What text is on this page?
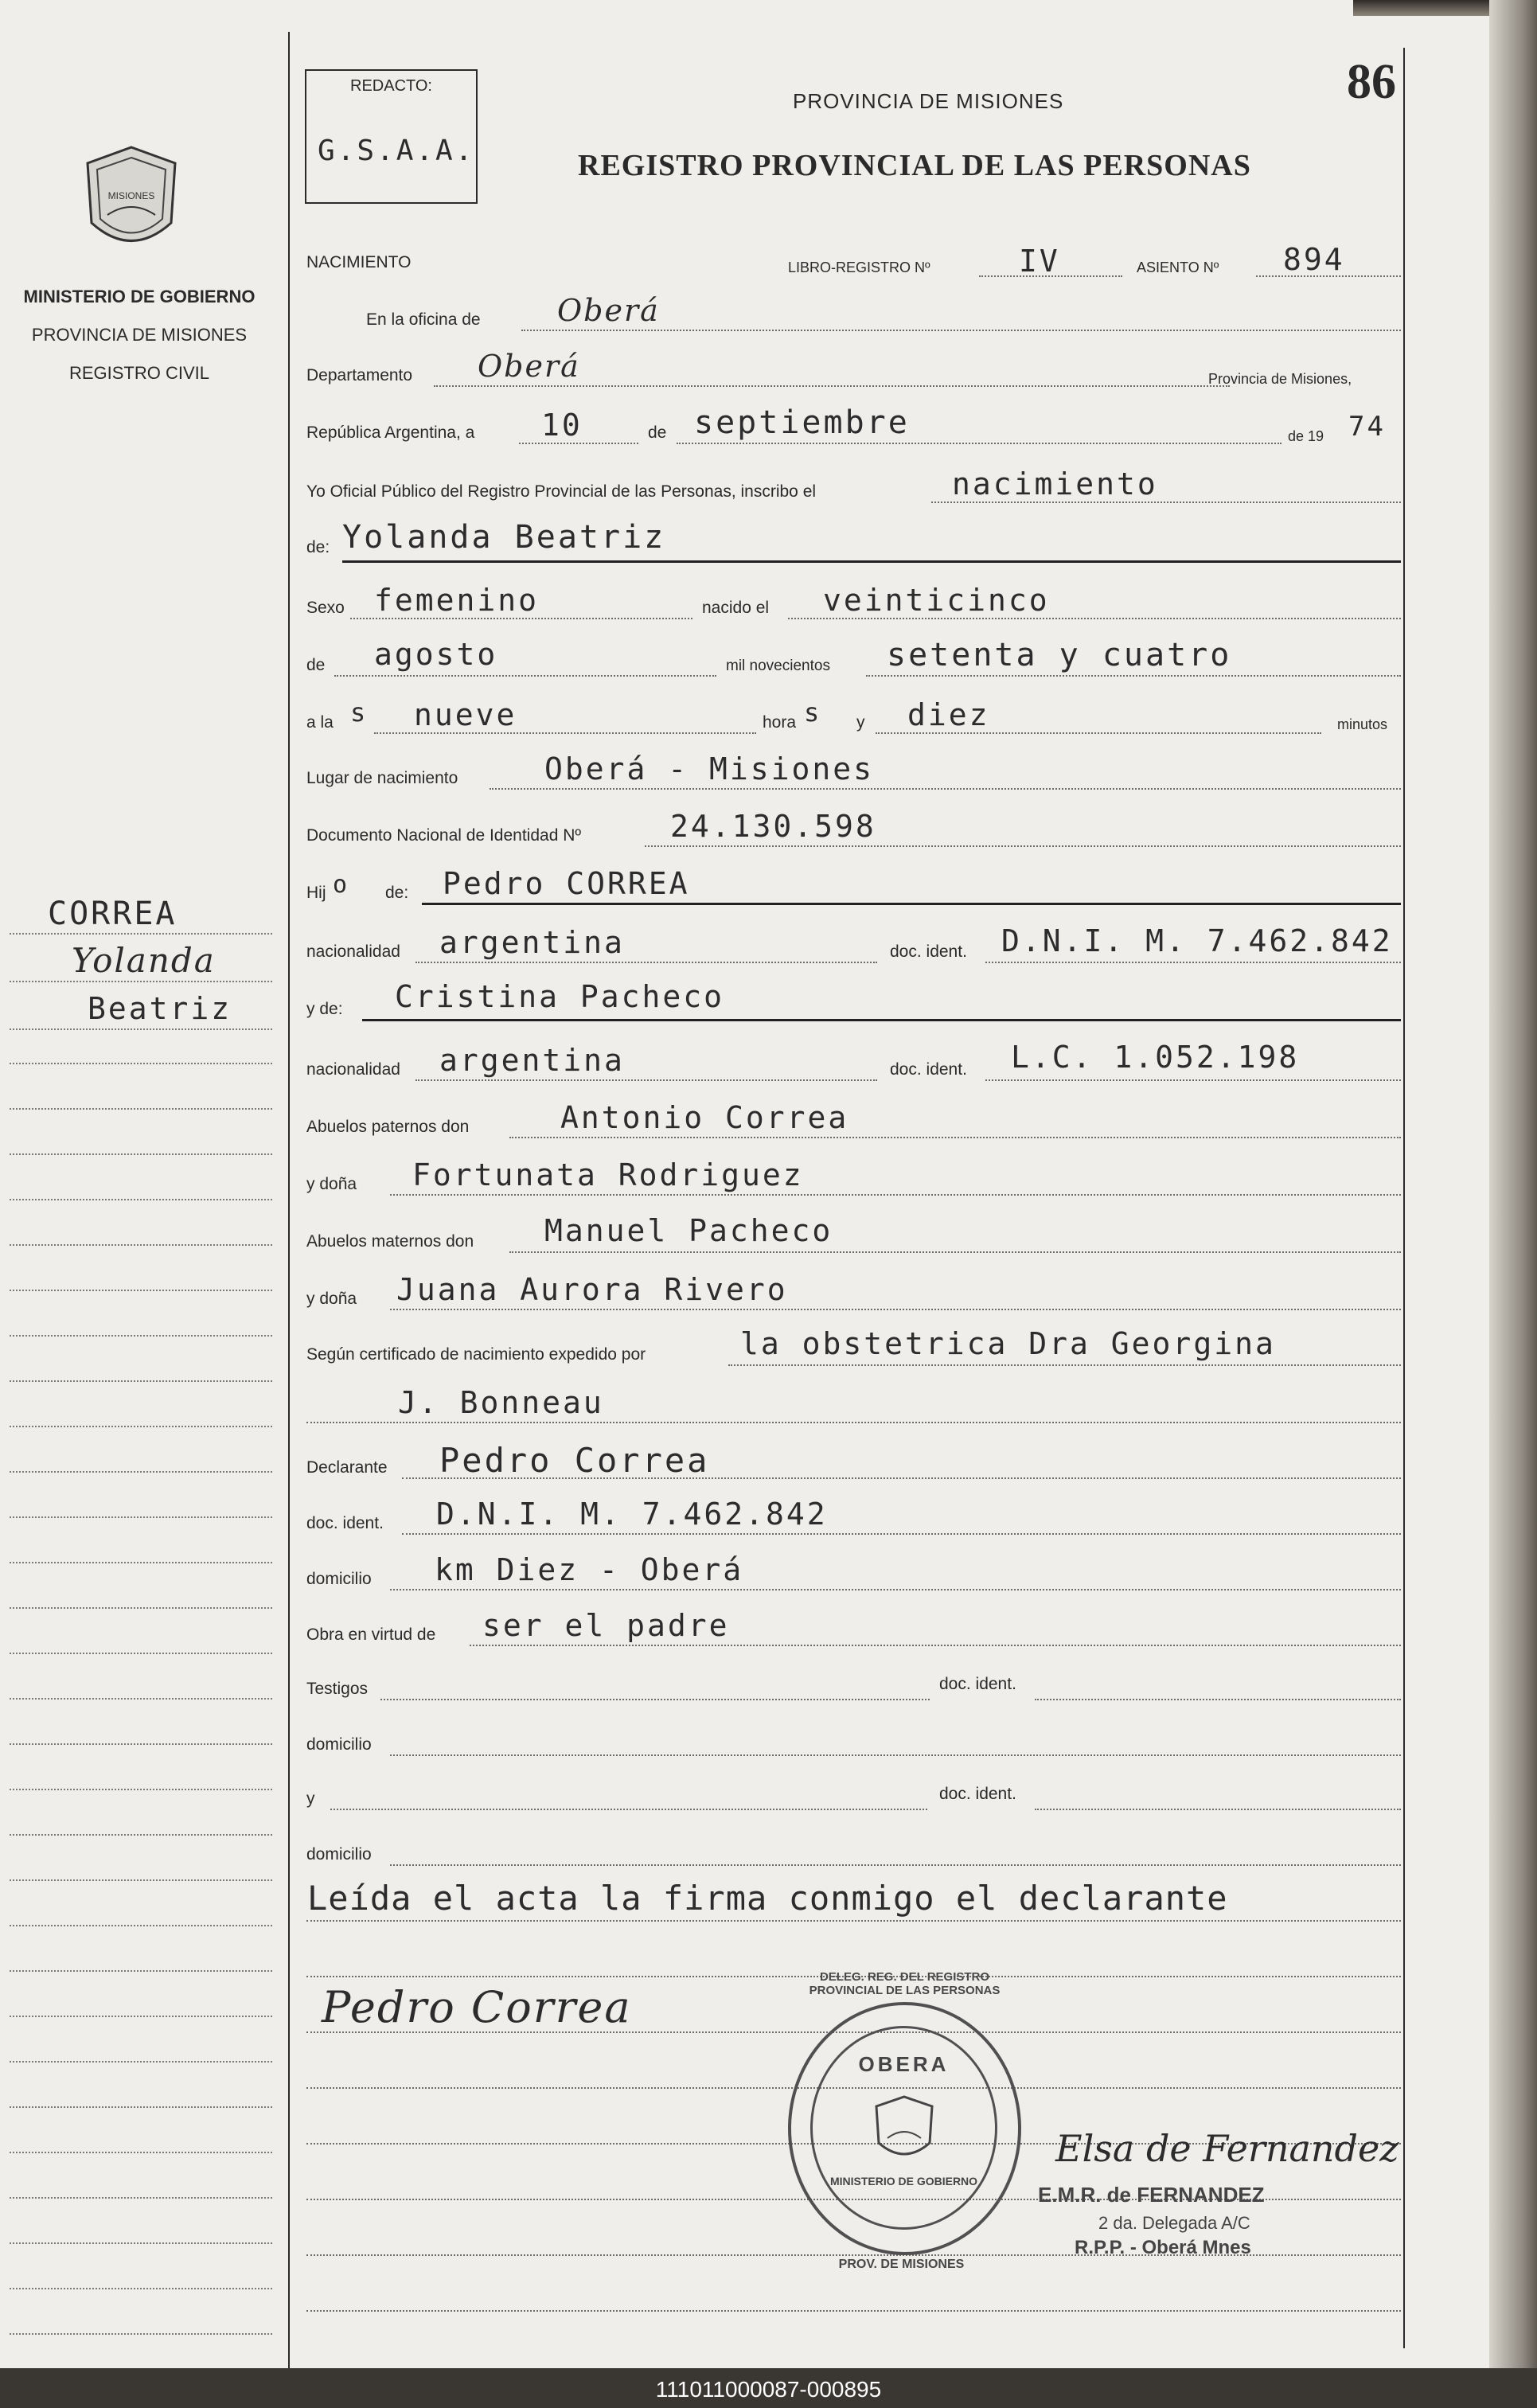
MISIONES
MINISTERIO DE GOBIERNO
PROVINCIA DE MISIONES
REGISTRO CIVIL
CORREA
Yolanda
Beatriz
REDACTO:
G.S.A.A.
PROVINCIA DE MISIONES
REGISTRO PROVINCIAL DE LAS PERSONAS
86
NACIMIENTO	LIBRO-REGISTRO Nº	IV	ASIENTO Nº 894
En la oficina de	Oberá
Departamento Oberá	Provincia de Misiones,
República Argentina, a 10	de septiembre	de 19 74
Yo Oficial Público del Registro Provincial de las Personas, inscribo el	nacimiento
de: Yolanda Beatriz
Sexo femenino	nacido el veinticinco
de agosto	mil novecientos setenta y cuatro
a la s nueve	hora s y diez	minutos
Lugar de nacimiento	Oberá - Misiones
Documento Nacional de Identidad Nº	24.130.598
Hij o de: Pedro CORREA
nacionalidad argentina	doc. ident. D.N.I. M. 7.462.842
y de: Cristina Pacheco
nacionalidad argentina	doc. ident. L.C. 1.052.198
Abuelos paternos don	Antonio Correa
y doña Fortunata Rodriguez
Abuelos maternos don Manuel Pacheco
y doña Juana Aurora Rivero
Según certificado de nacimiento expedido por	la obstetrica Dra Georgina
J. Bonneau
Declarante Pedro Correa
doc. ident. D.N.I. M. 7.462.842
domicilio km Diez - Oberá
Obra en virtud de ser el padre
Testigos	doc. ident.
domicilio
y	doc. ident.
domicilio
Leída el acta la firma conmigo el declarante
Pedro Correa
DELEG. REG. DEL REGISTRO PROVINCIAL DE LAS PERSONAS
OBERA
MINISTERIO DE GOBIERNO
PROV. DE MISIONES
Elsa de Fernandez
E.M.R. de FERNANDEZ
2 da. Delegada A/C
R.P.P. - Oberá Mnes
111011000087-000895
